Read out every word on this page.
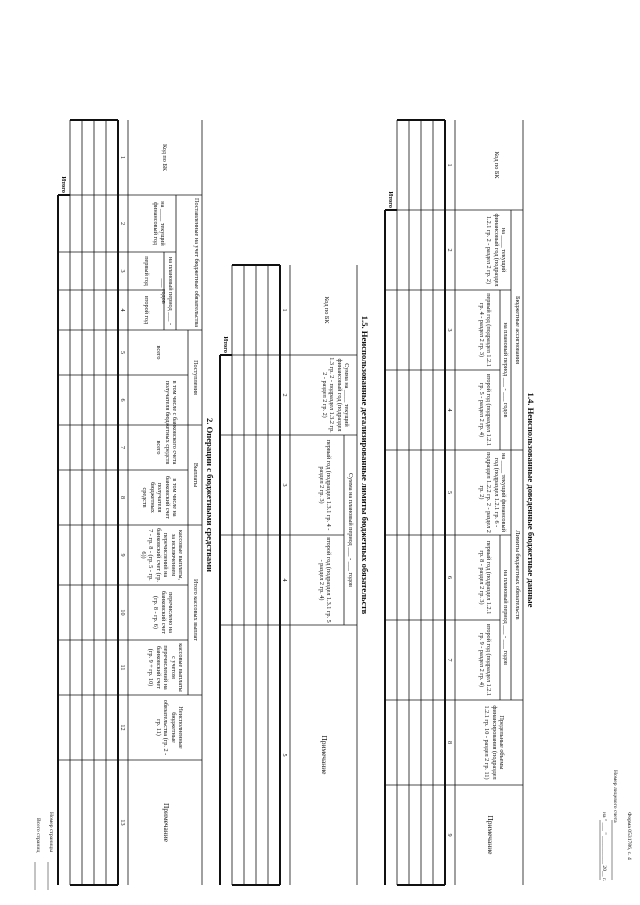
Форма 0531786, с. 4
Номер лицевого счета
на " ___ " __________ 20__ г.
1.4. Неиспользованные доведенные бюджетные данные
Код по БК
Бюджетные ассигнования
Лимиты бюджетных обязательств
на плановый период ___ - ___ годов
на плановый период ___ - ___ годов
на ____ текущий финансовый год (подраздел 1.2.1 гр. 2 - раздел 2 гр. 2)
первый год (подраздел 1.2.1 гр. 4 - раздел 2 гр. 3)
второй год (подраздел 1.2.1 гр. 5 - раздел 2 гр. 4)
на ____ текущий финансовый год (подраздел 1.2.1 гр. 6 - подраздел 1.2.2 гр. 2 - раздел 2 гр. 2)
первый год (подраздел 1.2.1 гр. 8 - раздел 2 гр. 3)
второй год (подраздел 1.2.1 гр. 9 - раздел 2 гр. 4)
Предельные объемы финансирования (подраздел 1.2.1 гр. 10 - раздел 2 гр. 11)
Примечание
1
2
3
4
5
6
7
8
9
Итого
1.5. Неиспользованные детализированные лимиты бюджетных обязательств
Код по БК
Сумма на ____ текущий финансовый год (подраздел 1.3 гр. 2 - подраздел 1.3.2 гр. 2 - раздел 2 гр. 2)
Сумма на плановый период ___ - ___ годов
первый год (подраздел 1.3.1 гр. 4 - раздел 2 гр. 3)
второй год (подраздел 1.3.1 гр. 5 - раздел 2 гр. 4)
Примечание
1
2
3
4
5
Итого
2. Операции с бюджетными средствами
Код по БК
Поставленные на учет бюджетные обязательства
на ____ текущий финансовый год
на плановый период ___ - ___ годов
первый год
второй год
Поступления
Выплаты
Итого кассовых выплат
всего
в том числе с банковского счета получателя бюджетных средств
всего
в том числе на банковский счет получателя бюджетных средств
кассовые выплаты, за исключением перечислений на банковский счет (гр. 7 - гр. 8 - (гр. 5 - гр. 6))
перечислено на банковский счет (гр. 8 - гр. 6)
кассовые выплаты с учетом перечислений на банковский счет (гр. 9 + гр. 10)
Неисполненные бюджетные обязательства (гр. 2 - гр. 11)
Примечание
1
2
3
4
5
6
7
8
9
10
11
12
13
Итого
Номер страницы
Всего страниц
